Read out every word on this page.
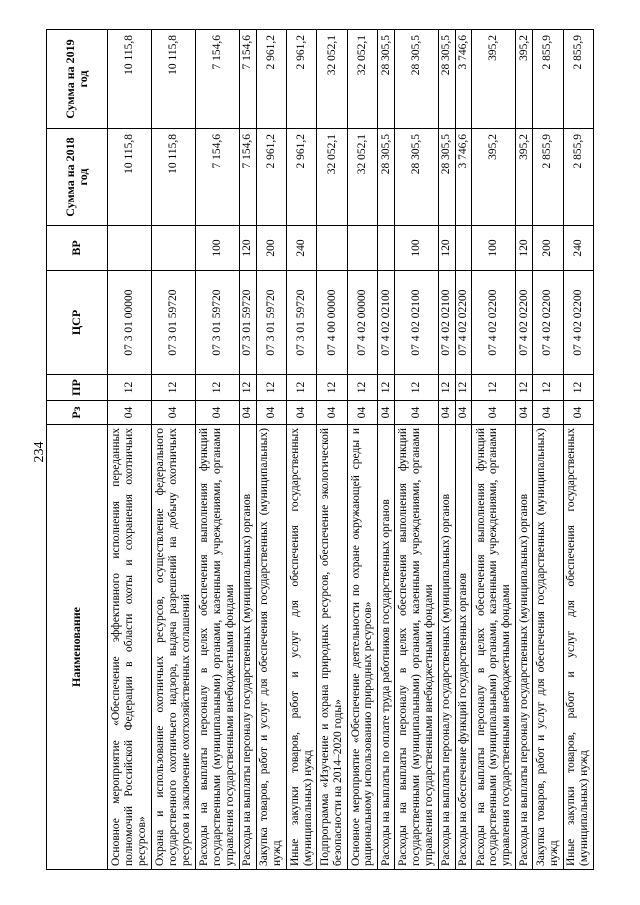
234
Наименование	Рз	ПР	ЦСР	ВР	Сумма на 2018 год	Сумма на 2019 год
Основное мероприятие «Обеспечение эффективного исполнения переданных полномочий Российской Федерации в области охоты и сохранения охотничьих ресурсов»	04	12	07 3 01 00000		10 115,8	10 115,8
Охрана и использование охотничьих ресурсов, осуществление федерального государственного охотничьего надзора, выдача разрешений на добычу охотничьих ресурсов и заключение охотхозяйственных соглашений	04	12	07 3 01 59720		10 115,8	10 115,8
Расходы на выплаты персоналу в целях обеспечения выполнения функций государственными (муниципальными) органами, казенными учреждениями, органами управления государственными внебюджетными фондами	04	12	07 3 01 59720	100	7 154,6	7 154,6
Расходы на выплаты персоналу государственных (муниципальных) органов	04	12	07 3 01 59720	120	7 154,6	7 154,6
Закупка товаров, работ и услуг для обеспечения государственных (муниципальных) нужд	04	12	07 3 01 59720	200	2 961,2	2 961,2
Иные закупки товаров, работ и услуг для обеспечения государственных (муниципальных) нужд	04	12	07 3 01 59720	240	2 961,2	2 961,2
Подпрограмма «Изучение и охрана природных ресурсов, обеспечение экологической безопасности на 2014–2020 годы»	04	12	07 4 00 00000		32 052,1	32 052,1
Основное мероприятие «Обеспечение деятельности по охране окружающей среды и рациональному использованию природных ресурсов»	04	12	07 4 02 00000		32 052,1	32 052,1
Расходы на выплаты по оплате труда работников государственных органов	04	12	07 4 02 02100		28 305,5	28 305,5
Расходы на выплаты персоналу в целях обеспечения выполнения функций государственными (муниципальными) органами, казенными учреждениями, органами управления государственными внебюджетными фондами	04	12	07 4 02 02100	100	28 305,5	28 305,5
Расходы на выплаты персоналу государственных (муниципальных) органов	04	12	07 4 02 02100	120	28 305,5	28 305,5
Расходы на обеспечение функций государственных органов	04	12	07 4 02 02200		3 746,6	3 746,6
Расходы на выплаты персоналу в целях обеспечения выполнения функций государственными (муниципальными) органами, казенными учреждениями, органами управления государственными внебюджетными фондами	04	12	07 4 02 02200	100	395,2	395,2
Расходы на выплаты персоналу государственных (муниципальных) органов	04	12	07 4 02 02200	120	395,2	395,2
Закупка товаров, работ и услуг для обеспечения государственных (муниципальных) нужд	04	12	07 4 02 02200	200	2 855,9	2 855,9
Иные закупки товаров, работ и услуг для обеспечения государственных (муниципальных) нужд	04	12	07 4 02 02200	240	2 855,9	2 855,9
